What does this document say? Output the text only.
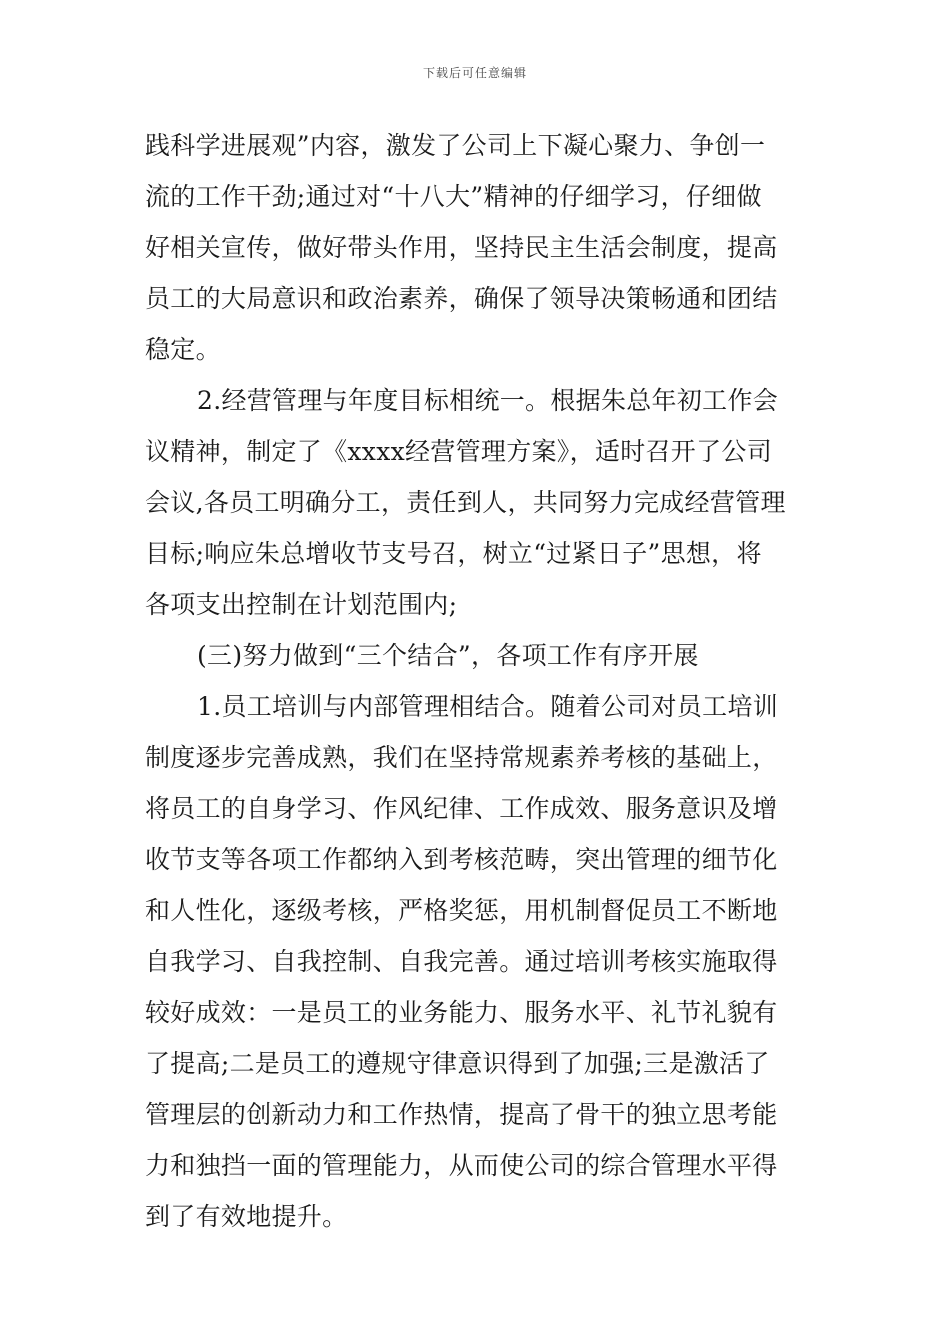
下载后可任意编辑
践科学进展观”内容，激发了公司上下凝心聚力、争创一
流的工作干劲;通过对“十八大”精神的仔细学习，仔细做
好相关宣传，做好带头作用，坚持民主生活会制度，提高
员工的大局意识和政治素养，确保了领导决策畅通和团结
稳定。
2.经营管理与年度目标相统一。根据朱总年初工作会
议精神，制定了《xxxx经营管理方案》，适时召开了公司
会议,各员工明确分工，责任到人，共同努力完成经营管理
目标;响应朱总增收节支号召，树立“过紧日子”思想，将
各项支出控制在计划范围内;
(三)努力做到“三个结合”，各项工作有序开展
1.员工培训与内部管理相结合。随着公司对员工培训
制度逐步完善成熟，我们在坚持常规素养考核的基础上，
将员工的自身学习、作风纪律、工作成效、服务意识及增
收节支等各项工作都纳入到考核范畴，突出管理的细节化
和人性化，逐级考核，严格奖惩，用机制督促员工不断地
自我学习、自我控制、自我完善。通过培训考核实施取得
较好成效：一是员工的业务能力、服务水平、礼节礼貌有
了提高;二是员工的遵规守律意识得到了加强;三是激活了
管理层的创新动力和工作热情，提高了骨干的独立思考能
力和独挡一面的管理能力，从而使公司的综合管理水平得
到了有效地提升。
